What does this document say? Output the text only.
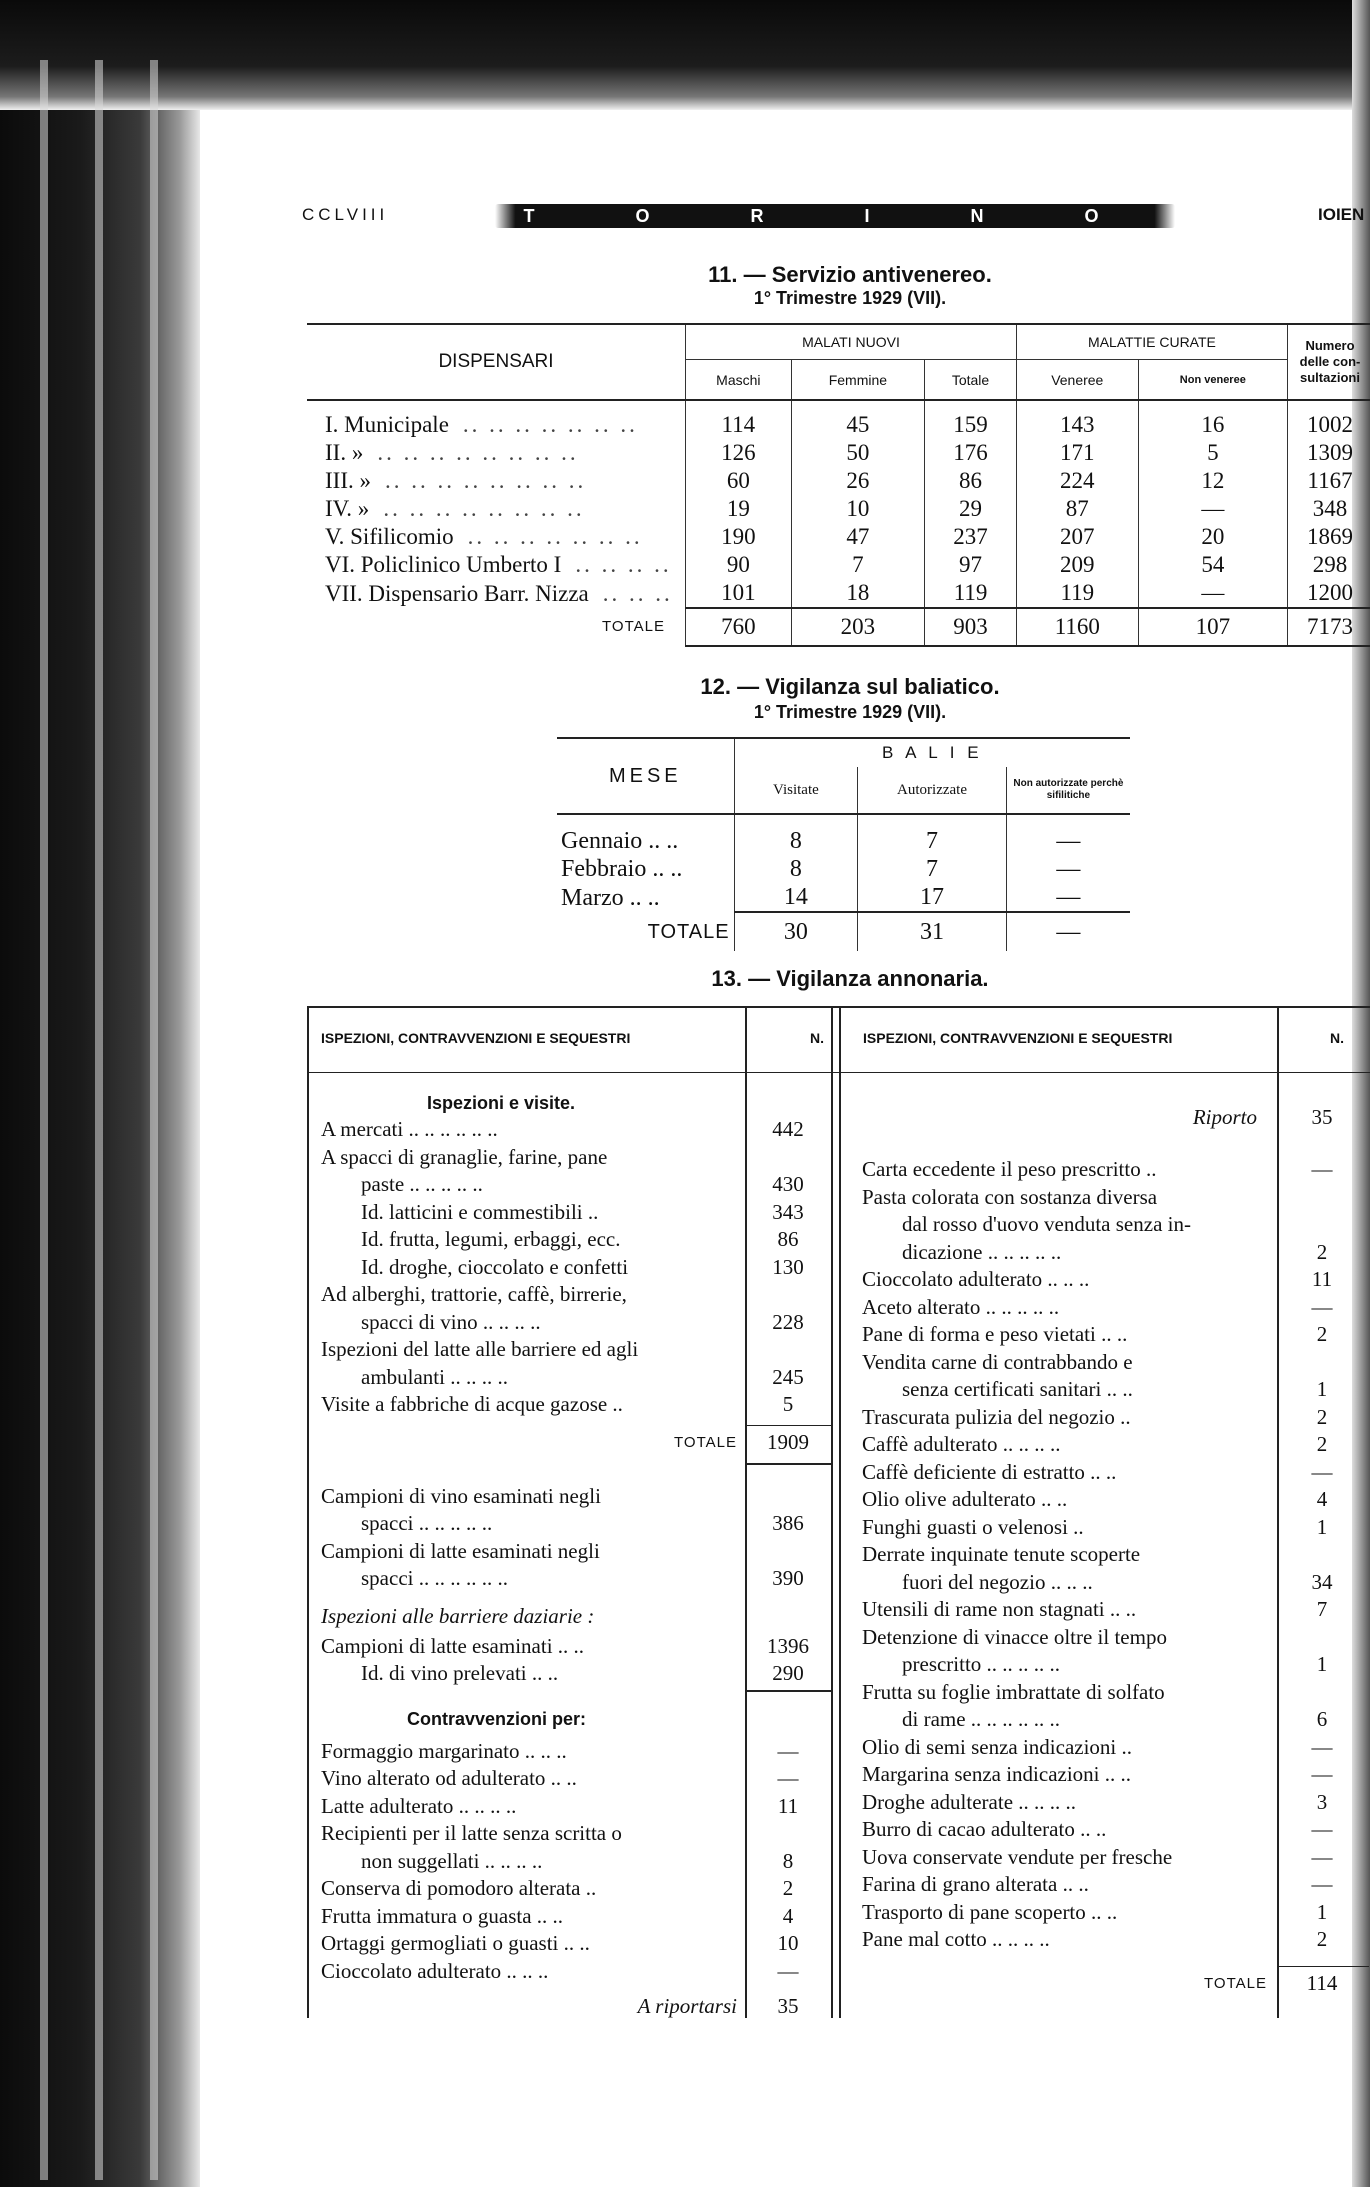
CCLVIII	T O R I N O	IOIEN
11. — Servizio antivenereo.
1° Trimestre 1929 (VII).
DISPENSARI	MALATI NUOVI			MALATTIE CURATE		Numero delle con-sultazioni
	Maschi	Femmine	Totale	Veneree	Non veneree	
I. Municipale .. .. .. .. .. .. ..	114	45	159	143	16	1002
II. » .. .. .. .. .. .. .. ..	126	50	176	171	5	1309
III. » .. .. .. .. .. .. .. ..	60	26	86	224	12	1167
IV. » .. .. .. .. .. .. .. ..	19	10	29	87	—	348
V. Sifilicomio .. .. .. .. .. .. ..	190	47	237	207	20	1869
VI. Policlinico Umberto I .. .. .. ..	90	7	97	209	54	298
VII. Dispensario Barr. Nizza .. .. ..	101	18	119	119	—	1200
TOTALE	760	203	903	1160	107	7173
12. — Vigilanza sul baliatico.
1° Trimestre 1929 (VII).
MESE	B A L I E		
	Visitate	Autorizzate	Non autorizzate perchè sifilitiche
Gennaio .. ..	8	7	—
Febbraio .. ..	8	7	—
Marzo .. ..	14	17	—
TOTALE	30	31	—
13. — Vigilanza annonaria.
ISPEZIONI, CONTRAVVENZIONI E SEQUESTRI	N.	ISPEZIONI, CONTRAVVENZIONI E SEQUESTRI	N.
Ispezioni e visite.
A mercati .. .. .. .. .. ..	442
A spacci di granaglie, farine, pane
paste .. .. .. .. ..	430
Id. latticini e commestibili ..	343
Id. frutta, legumi, erbaggi, ecc.	86
Id. droghe, cioccolato e confetti	130
Ad alberghi, trattorie, caffè, birrerie,
spacci di vino .. .. .. ..	228
Ispezioni del latte alle barriere ed agli
ambulanti .. .. .. ..	245
Visite a fabbriche di acque gazose ..	5
TOTALE	1909
Campioni di vino esaminati negli
spacci .. .. .. .. ..	386
Campioni di latte esaminati negli
spacci .. .. .. .. .. ..	390
Ispezioni alle barriere daziarie :
Campioni di latte esaminati .. ..	1396
Id. di vino prelevati .. ..	290
Contravvenzioni per:
Formaggio margarinato .. .. ..	—
Vino alterato od adulterato .. ..	—
Latte adulterato .. .. .. ..	11
Recipienti per il latte senza scritta o
non suggellati .. .. .. ..	8
Conserva di pomodoro alterata ..	2
Frutta immatura o guasta .. ..	4
Ortaggi germogliati o guasti .. ..	10
Cioccolato adulterato .. .. ..	—
A riportarsi	35
Riporto	35
Carta eccedente il peso prescritto ..	—
Pasta colorata con sostanza diversa
dal rosso d'uovo venduta senza in-
dicazione .. .. .. .. ..	2
Cioccolato adulterato .. .. ..	11
Aceto alterato .. .. .. .. ..	—
Pane di forma e peso vietati .. ..	2
Vendita carne di contrabbando e
senza certificati sanitari .. ..	1
Trascurata pulizia del negozio ..	2
Caffè adulterato .. .. .. ..	2
Caffè deficiente di estratto .. ..	—
Olio olive adulterato .. ..	4
Funghi guasti o velenosi ..	1
Derrate inquinate tenute scoperte
fuori del negozio .. .. ..	34
Utensili di rame non stagnati .. ..	7
Detenzione di vinacce oltre il tempo
prescritto .. .. .. .. ..	1
Frutta su foglie imbrattate di solfato
di rame .. .. .. .. .. ..	6
Olio di semi senza indicazioni ..	—
Margarina senza indicazioni .. ..	—
Droghe adulterate .. .. .. ..	3
Burro di cacao adulterato .. ..	—
Uova conservate vendute per fresche	—
Farina di grano alterata .. ..	—
Trasporto di pane scoperto .. ..	1
Pane mal cotto .. .. .. ..	2
TOTALE	114
